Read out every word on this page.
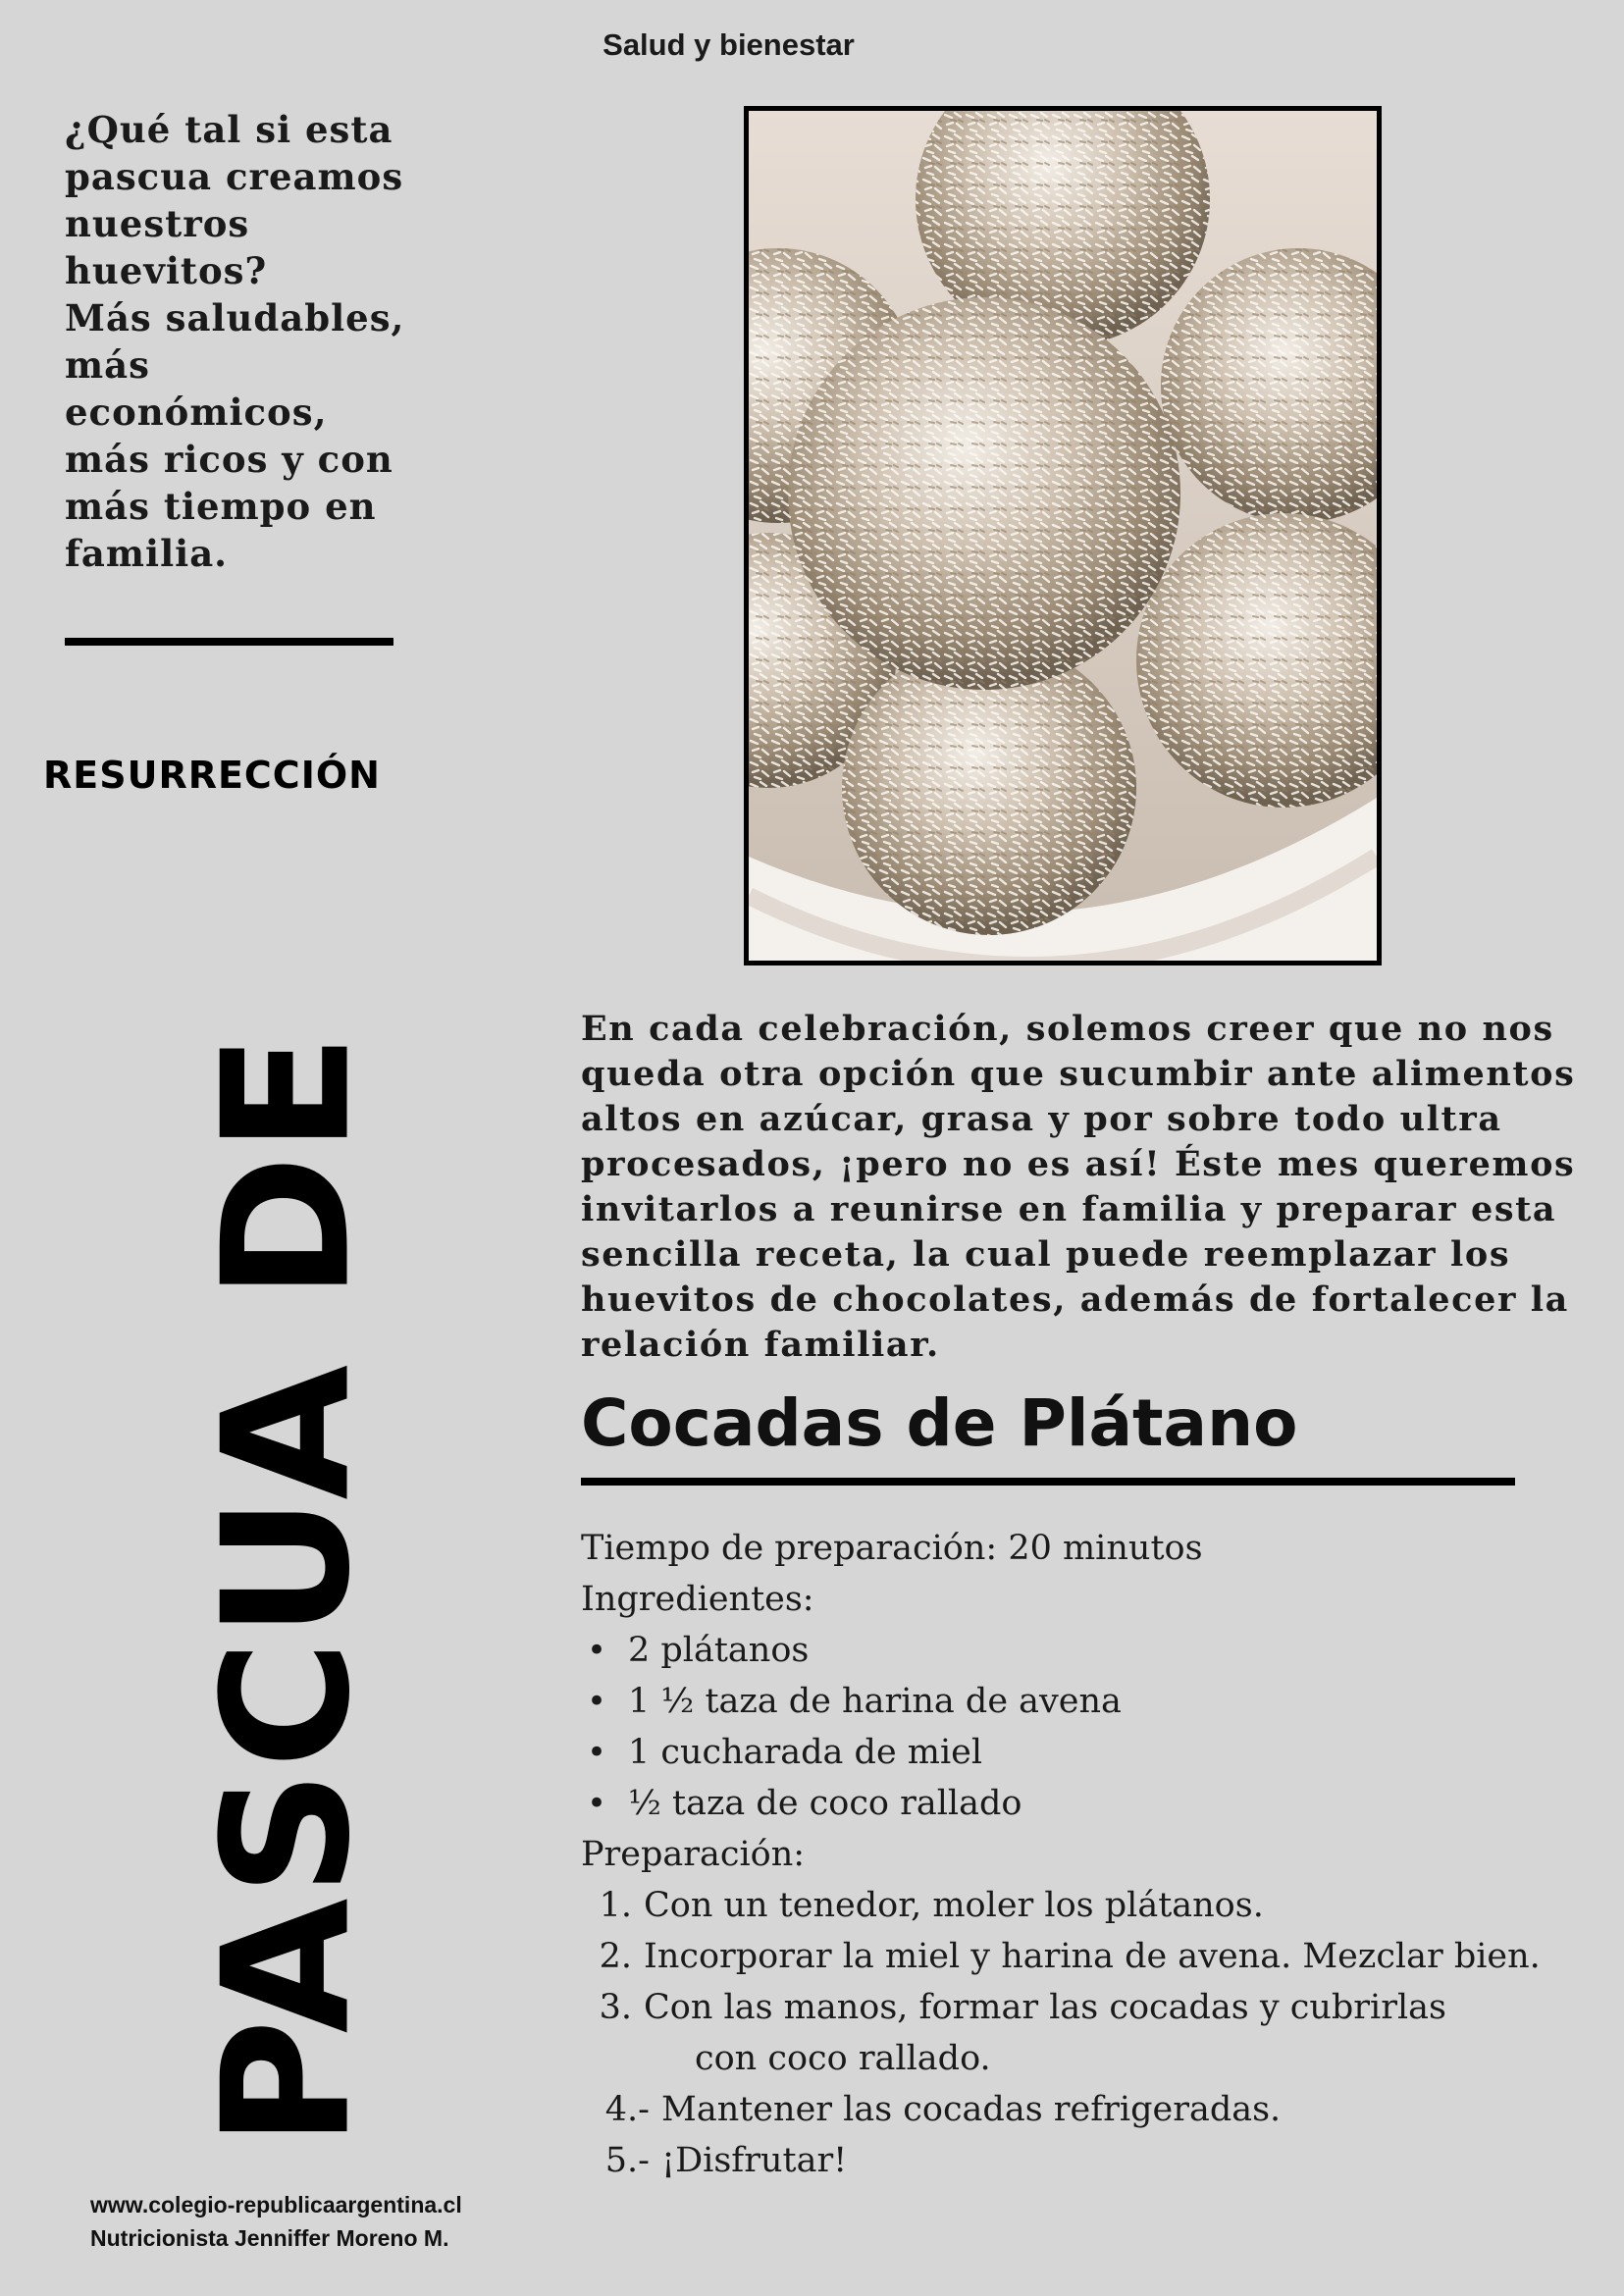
Salud y bienestar
¿Qué tal si esta
pascua creamos
nuestros
huevitos?
Más saludables,
más
económicos,
más ricos y con
más tiempo en
familia.
RESURRECCIÓN
PASCUA DE
En cada celebración, solemos creer que no nos
queda otra opción que sucumbir ante alimentos
altos en azúcar, grasa y por sobre todo ultra
procesados, ¡pero no es así! Éste mes queremos
invitarlos a reunirse en familia y preparar esta
sencilla receta, la cual puede reemplazar los
huevitos de chocolates, además de fortalecer la
relación familiar.
Cocadas de Plátano
Tiempo de preparación: 20 minutos
Ingredientes:
• 2 plátanos
• 1 ½ taza de harina de avena
• 1 cucharada de miel
• ½ taza de coco rallado
Preparación:
1. Con un tenedor, moler los plátanos.
2. Incorporar la miel y harina de avena. Mezclar bien.
3. Con las manos, formar las cocadas y cubrirlas
con coco rallado.
4.- Mantener las cocadas refrigeradas.
5.- ¡Disfrutar!
www.colegio-republicaargentina.cl
Nutricionista Jenniffer Moreno M.
